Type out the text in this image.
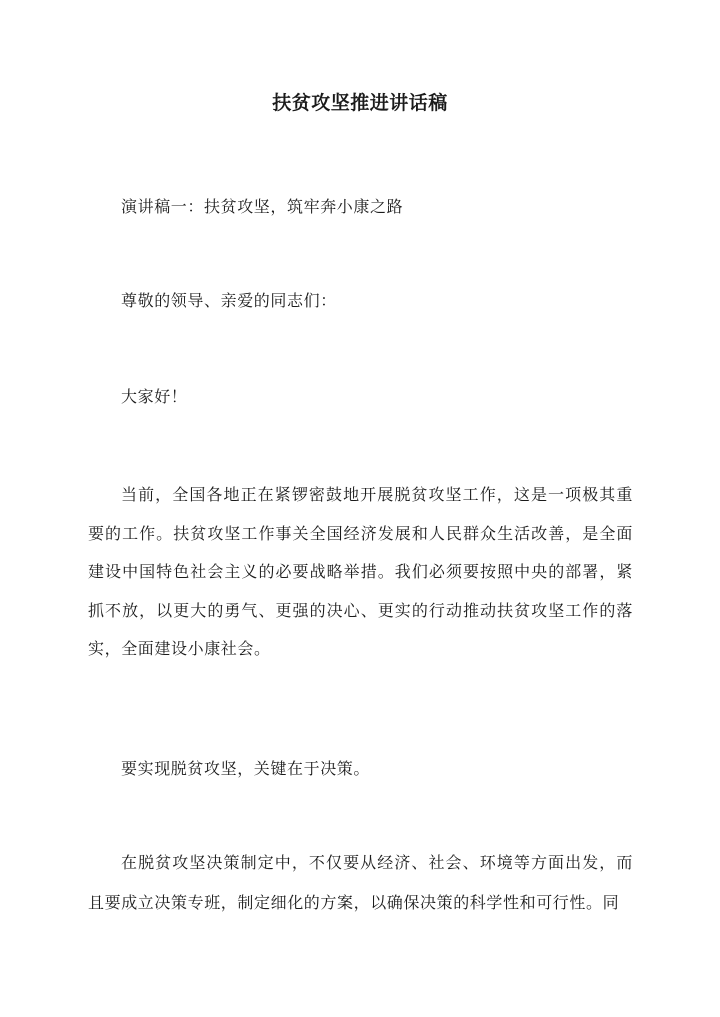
扶贫攻坚推进讲话稿

演讲稿一：扶贫攻坚，筑牢奔小康之路

尊敬的领导、亲爱的同志们：

大家好！

当前，全国各地正在紧锣密鼓地开展脱贫攻坚工作，这是一项极其重要的工作。扶贫攻坚工作事关全国经济发展和人民群众生活改善，是全面建设中国特色社会主义的必要战略举措。我们必须要按照中央的部署，紧抓不放，以更大的勇气、更强的决心、更实的行动推动扶贫攻坚工作的落实，全面建设小康社会。

要实现脱贫攻坚，关键在于决策。

在脱贫攻坚决策制定中，不仅要从经济、社会、环境等方面出发，而且要成立决策专班，制定细化的方案，以确保决策的科学性和可行性。同
